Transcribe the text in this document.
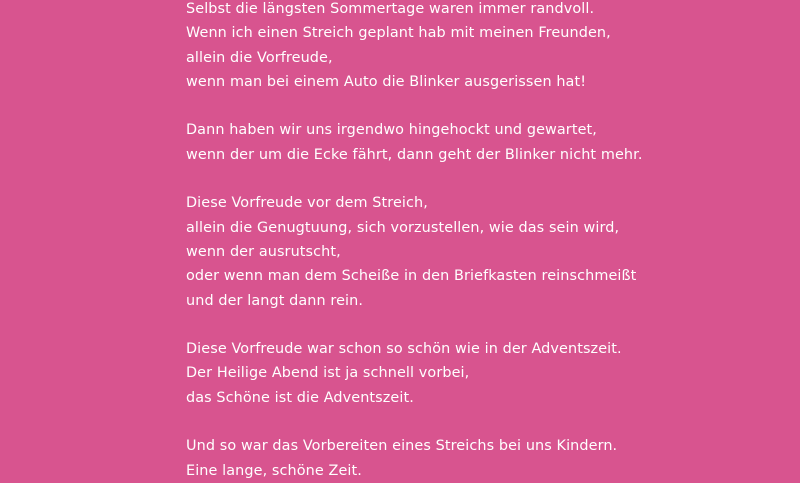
Selbst die längsten Sommertage waren immer randvoll.
Wenn ich einen Streich geplant hab mit meinen Freunden,
allein die Vorfreude,
wenn man bei einem Auto die Blinker ausgerissen hat!
Dann haben wir uns irgendwo hingehockt und gewartet,
wenn der um die Ecke fährt, dann geht der Blinker nicht mehr.
Diese Vorfreude vor dem Streich,
allein die Genugtuung, sich vorzustellen, wie das sein wird,
wenn der ausrutscht,
oder wenn man dem Scheiße in den Briefkasten reinschmeißt
und der langt dann rein.
Diese Vorfreude war schon so schön wie in der Adventszeit.
Der Heilige Abend ist ja schnell vorbei,
das Schöne ist die Adventszeit.
Und so war das Vorbereiten eines Streichs bei uns Kindern.
Eine lange, schöne Zeit.
